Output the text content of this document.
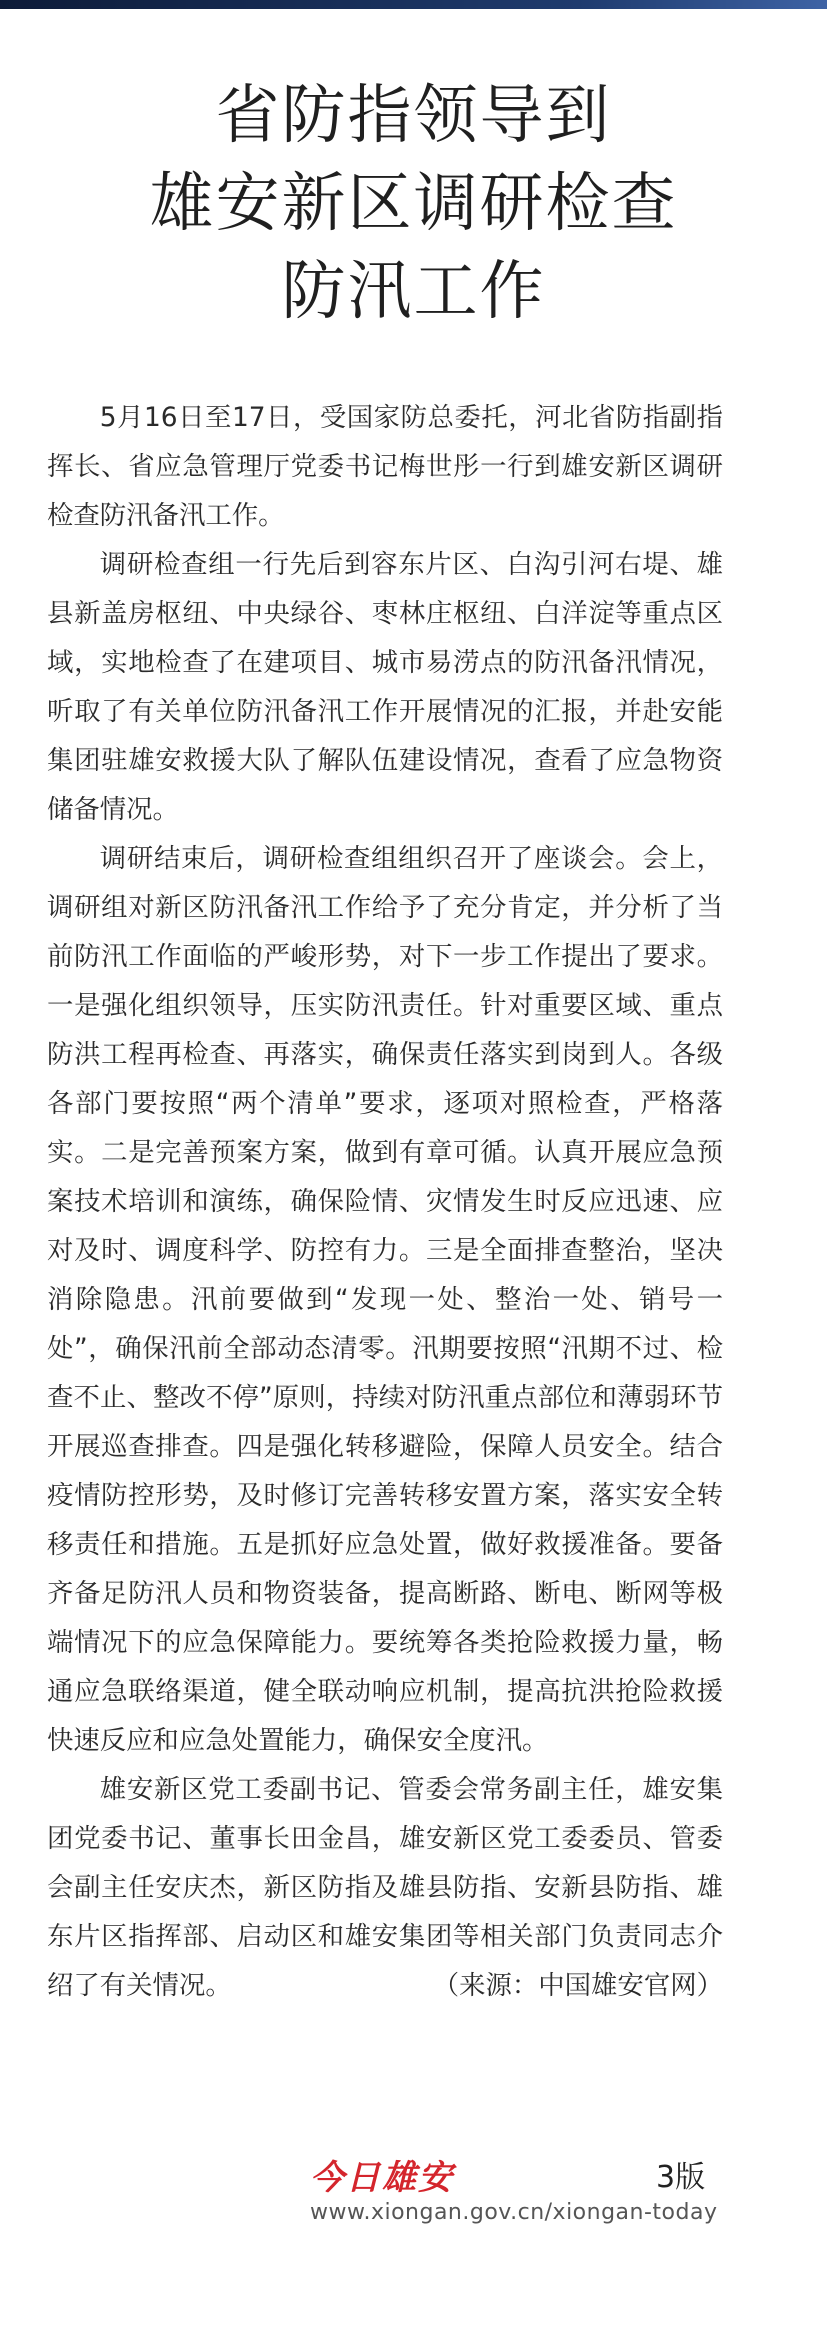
省防指领导到
雄安新区调研检查
防汛工作

5月16日至17日，受国家防总委托，河北省防指副指挥长、省应急管理厅党委书记梅世彤一行到雄安新区调研检查防汛备汛工作。

调研检查组一行先后到容东片区、白沟引河右堤、雄县新盖房枢纽、中央绿谷、枣林庄枢纽、白洋淀等重点区域，实地检查了在建项目、城市易涝点的防汛备汛情况，听取了有关单位防汛备汛工作开展情况的汇报，并赴安能集团驻雄安救援大队了解队伍建设情况，查看了应急物资储备情况。

调研结束后，调研检查组组织召开了座谈会。会上，调研组对新区防汛备汛工作给予了充分肯定，并分析了当前防汛工作面临的严峻形势，对下一步工作提出了要求。一是强化组织领导，压实防汛责任。针对重要区域、重点防洪工程再检查、再落实，确保责任落实到岗到人。各级各部门要按照“两个清单”要求，逐项对照检查，严格落实。二是完善预案方案，做到有章可循。认真开展应急预案技术培训和演练，确保险情、灾情发生时反应迅速、应对及时、调度科学、防控有力。三是全面排查整治，坚决消除隐患。汛前要做到“发现一处、整治一处、销号一处”，确保汛前全部动态清零。汛期要按照“汛期不过、检查不止、整改不停”原则，持续对防汛重点部位和薄弱环节开展巡查排查。四是强化转移避险，保障人员安全。结合疫情防控形势，及时修订完善转移安置方案，落实安全转移责任和措施。五是抓好应急处置，做好救援准备。要备齐备足防汛人员和物资装备，提高断路、断电、断网等极端情况下的应急保障能力。要统筹各类抢险救援力量，畅通应急联络渠道，健全联动响应机制，提高抗洪抢险救援快速反应和应急处置能力，确保安全度汛。

雄安新区党工委副书记、管委会常务副主任，雄安集团党委书记、董事长田金昌，雄安新区党工委委员、管委会副主任安庆杰，新区防指及雄县防指、安新县防指、雄东片区指挥部、启动区和雄安集团等相关部门负责同志介绍了有关情况。	（来源：中国雄安官网）

今日雄安	3版
www.xiongan.gov.cn/xiongan-today
